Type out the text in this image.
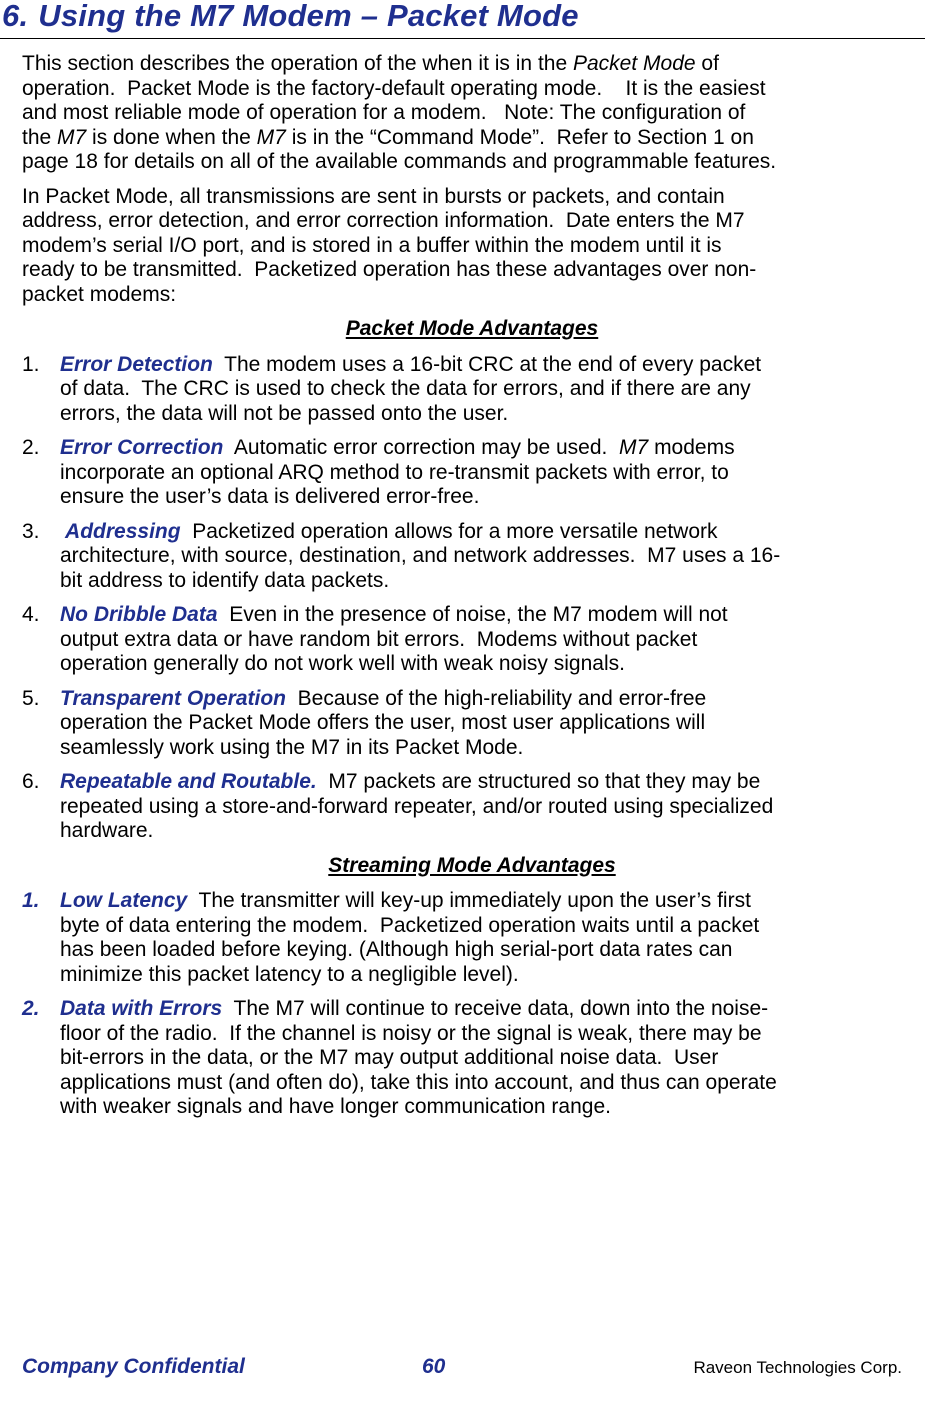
6. Using the M7 Modem – Packet Mode

This section describes the operation of the when it is in the Packet Mode of
operation.  Packet Mode is the factory-default operating mode.    It is the easiest
and most reliable mode of operation for a modem.   Note: The configuration of
the M7 is done when the M7 is in the “Command Mode”.  Refer to Section 1 on
page 18 for details on all of the available commands and programmable features.

In Packet Mode, all transmissions are sent in bursts or packets, and contain
address, error detection, and error correction information.  Date enters the M7
modem’s serial I/O port, and is stored in a buffer within the modem until it is
ready to be transmitted.  Packetized operation has these advantages over non-
packet modems:

Packet Mode Advantages
1. Error Detection  The modem uses a 16-bit CRC at the end of every packet
of data.  The CRC is used to check the data for errors, and if there are any
errors, the data will not be passed onto the user.
2. Error Correction  Automatic error correction may be used.  M7 modems
incorporate an optional ARQ method to re-transmit packets with error, to
ensure the user’s data is delivered error-free.
3. Addressing  Packetized operation allows for a more versatile network
architecture, with source, destination, and network addresses.  M7 uses a 16-
bit address to identify data packets.
4. No Dribble Data  Even in the presence of noise, the M7 modem will not
output extra data or have random bit errors.  Modems without packet
operation generally do not work well with weak noisy signals.
5. Transparent Operation  Because of the high-reliability and error-free
operation the Packet Mode offers the user, most user applications will
seamlessly work using the M7 in its Packet Mode.
6. Repeatable and Routable.  M7 packets are structured so that they may be
repeated using a store-and-forward repeater, and/or routed using specialized
hardware.
Streaming Mode Advantages
1. Low Latency  The transmitter will key-up immediately upon the user’s first
byte of data entering the modem.  Packetized operation waits until a packet
has been loaded before keying. (Although high serial-port data rates can
minimize this packet latency to a negligible level).
2. Data with Errors  The M7 will continue to receive data, down into the noise-
floor of the radio.  If the channel is noisy or the signal is weak, there may be
bit-errors in the data, or the M7 may output additional noise data.  User
applications must (and often do), take this into account, and thus can operate
with weaker signals and have longer communication range.
Company Confidential	60	Raveon Technologies Corp.
